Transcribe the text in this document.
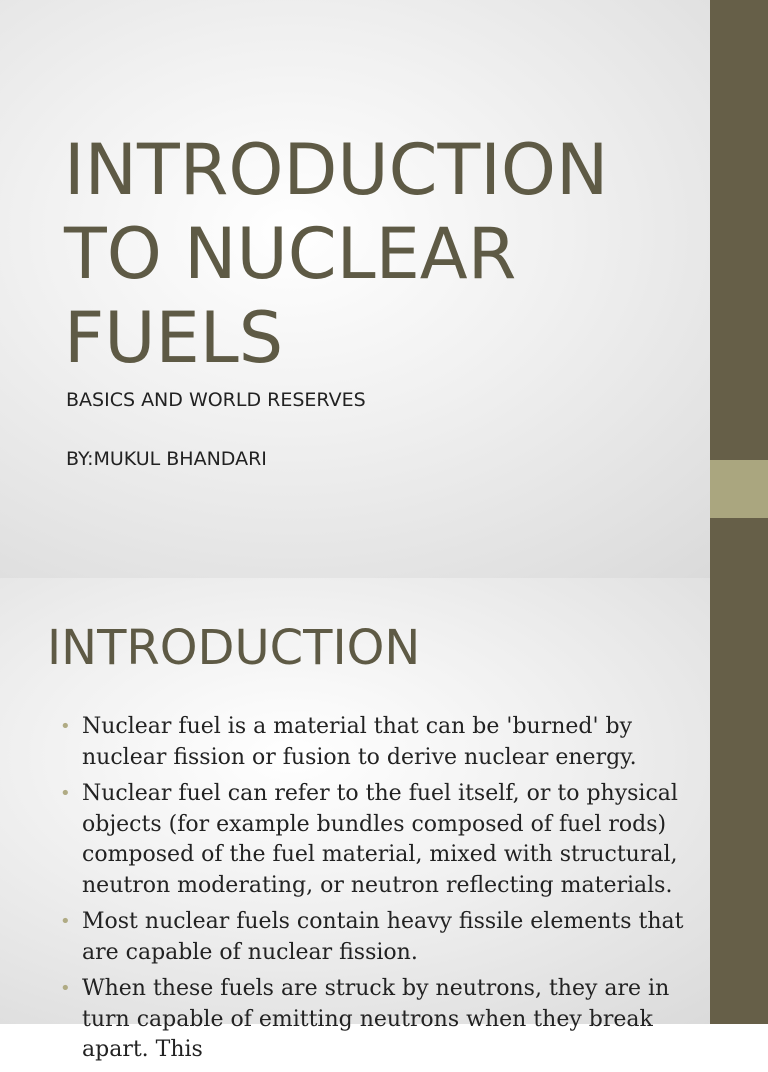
INTRODUCTION
TO NUCLEAR
FUELS

BASICS AND WORLD RESERVES

BY:MUKUL BHANDARI

INTRODUCTION
• Nuclear fuel is a material that can be 'burned' by nuclear fission or fusion to derive nuclear energy.
• Nuclear fuel can refer to the fuel itself, or to physical objects (for example bundles composed of fuel rods) composed of the fuel material, mixed with structural, neutron moderating, or neutron reflecting materials.
• Most nuclear fuels contain heavy fissile elements that are capable of nuclear fission.
• When these fuels are struck by neutrons, they are in turn capable of emitting neutrons when they break apart. This
